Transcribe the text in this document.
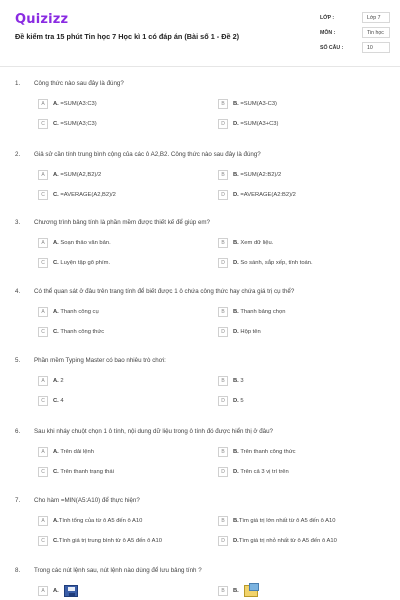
Quizizz
Đề kiểm tra 15 phút Tin học 7 Học kì 1 có đáp án (Bài số 1 - Đề 2)
LỚP :	Lớp 7
MÔN :	Tin học
SỐ CÂU :	10
1. Công thức nào sau đây là đúng?
A	A. =SUM(A3:C3)	B	B. =SUM(A3-C3)
C	C. =SUM(A3;C3)	D	D. =SUM(A3+C3)
2. Giả sử cần tính trung bình cộng của các ô A2,B2. Công thức nào sau đây là đúng?
A	A. =SUM(A2,B2)/2	B	B. =SUM(A2:B2)/2
C	C. =AVERAGE(A2,B2)/2	D	D. =AVERAGE(A2:B2)/2
3. Chương trình bảng tính là phần mềm được thiết kế để giúp em?
A	A. Soạn thảo văn bản.	B	B. Xem dữ liệu.
C	C. Luyện tập gõ phím.	D	D. So sánh, sắp xếp, tính toán.
4. Có thể quan sát ở đâu trên trang tính để biết được 1 ô chứa công thức hay chứa giá trị cụ thể?
A	A. Thanh công cụ	B	B. Thanh bảng chọn
C	C. Thanh công thức	D	D. Hộp tên
5. Phần mềm Typing Master có bao nhiêu trò chơi:
A	A. 2	B	B. 3
C	C. 4	D	D. 5
6. Sau khi nháy chuột chọn 1 ô tính, nội dung dữ liệu trong ô tính đó được hiển thị ở đâu?
A	A. Trên dải lệnh	B	B. Trên thanh công thức
C	C. Trên thanh trạng thái	D	D. Trên cả 3 vị trí trên
7. Cho hàm =MIN(A5:A10) để thực hiện?
A	A.Tính tổng của từ ô A5 đến ô A10	B	B.Tìm giá trị lớn nhất từ ô A5 đến ô A10
C	C.Tính giá trị trung bình từ ô A5 đến ô A10	D	D.Tìm giá trị nhỏ nhất từ ô A5 đến ô A10
8. Trong các nút lệnh sau, nút lệnh nào dùng để lưu bảng tính ?
A	A.	B	B.
